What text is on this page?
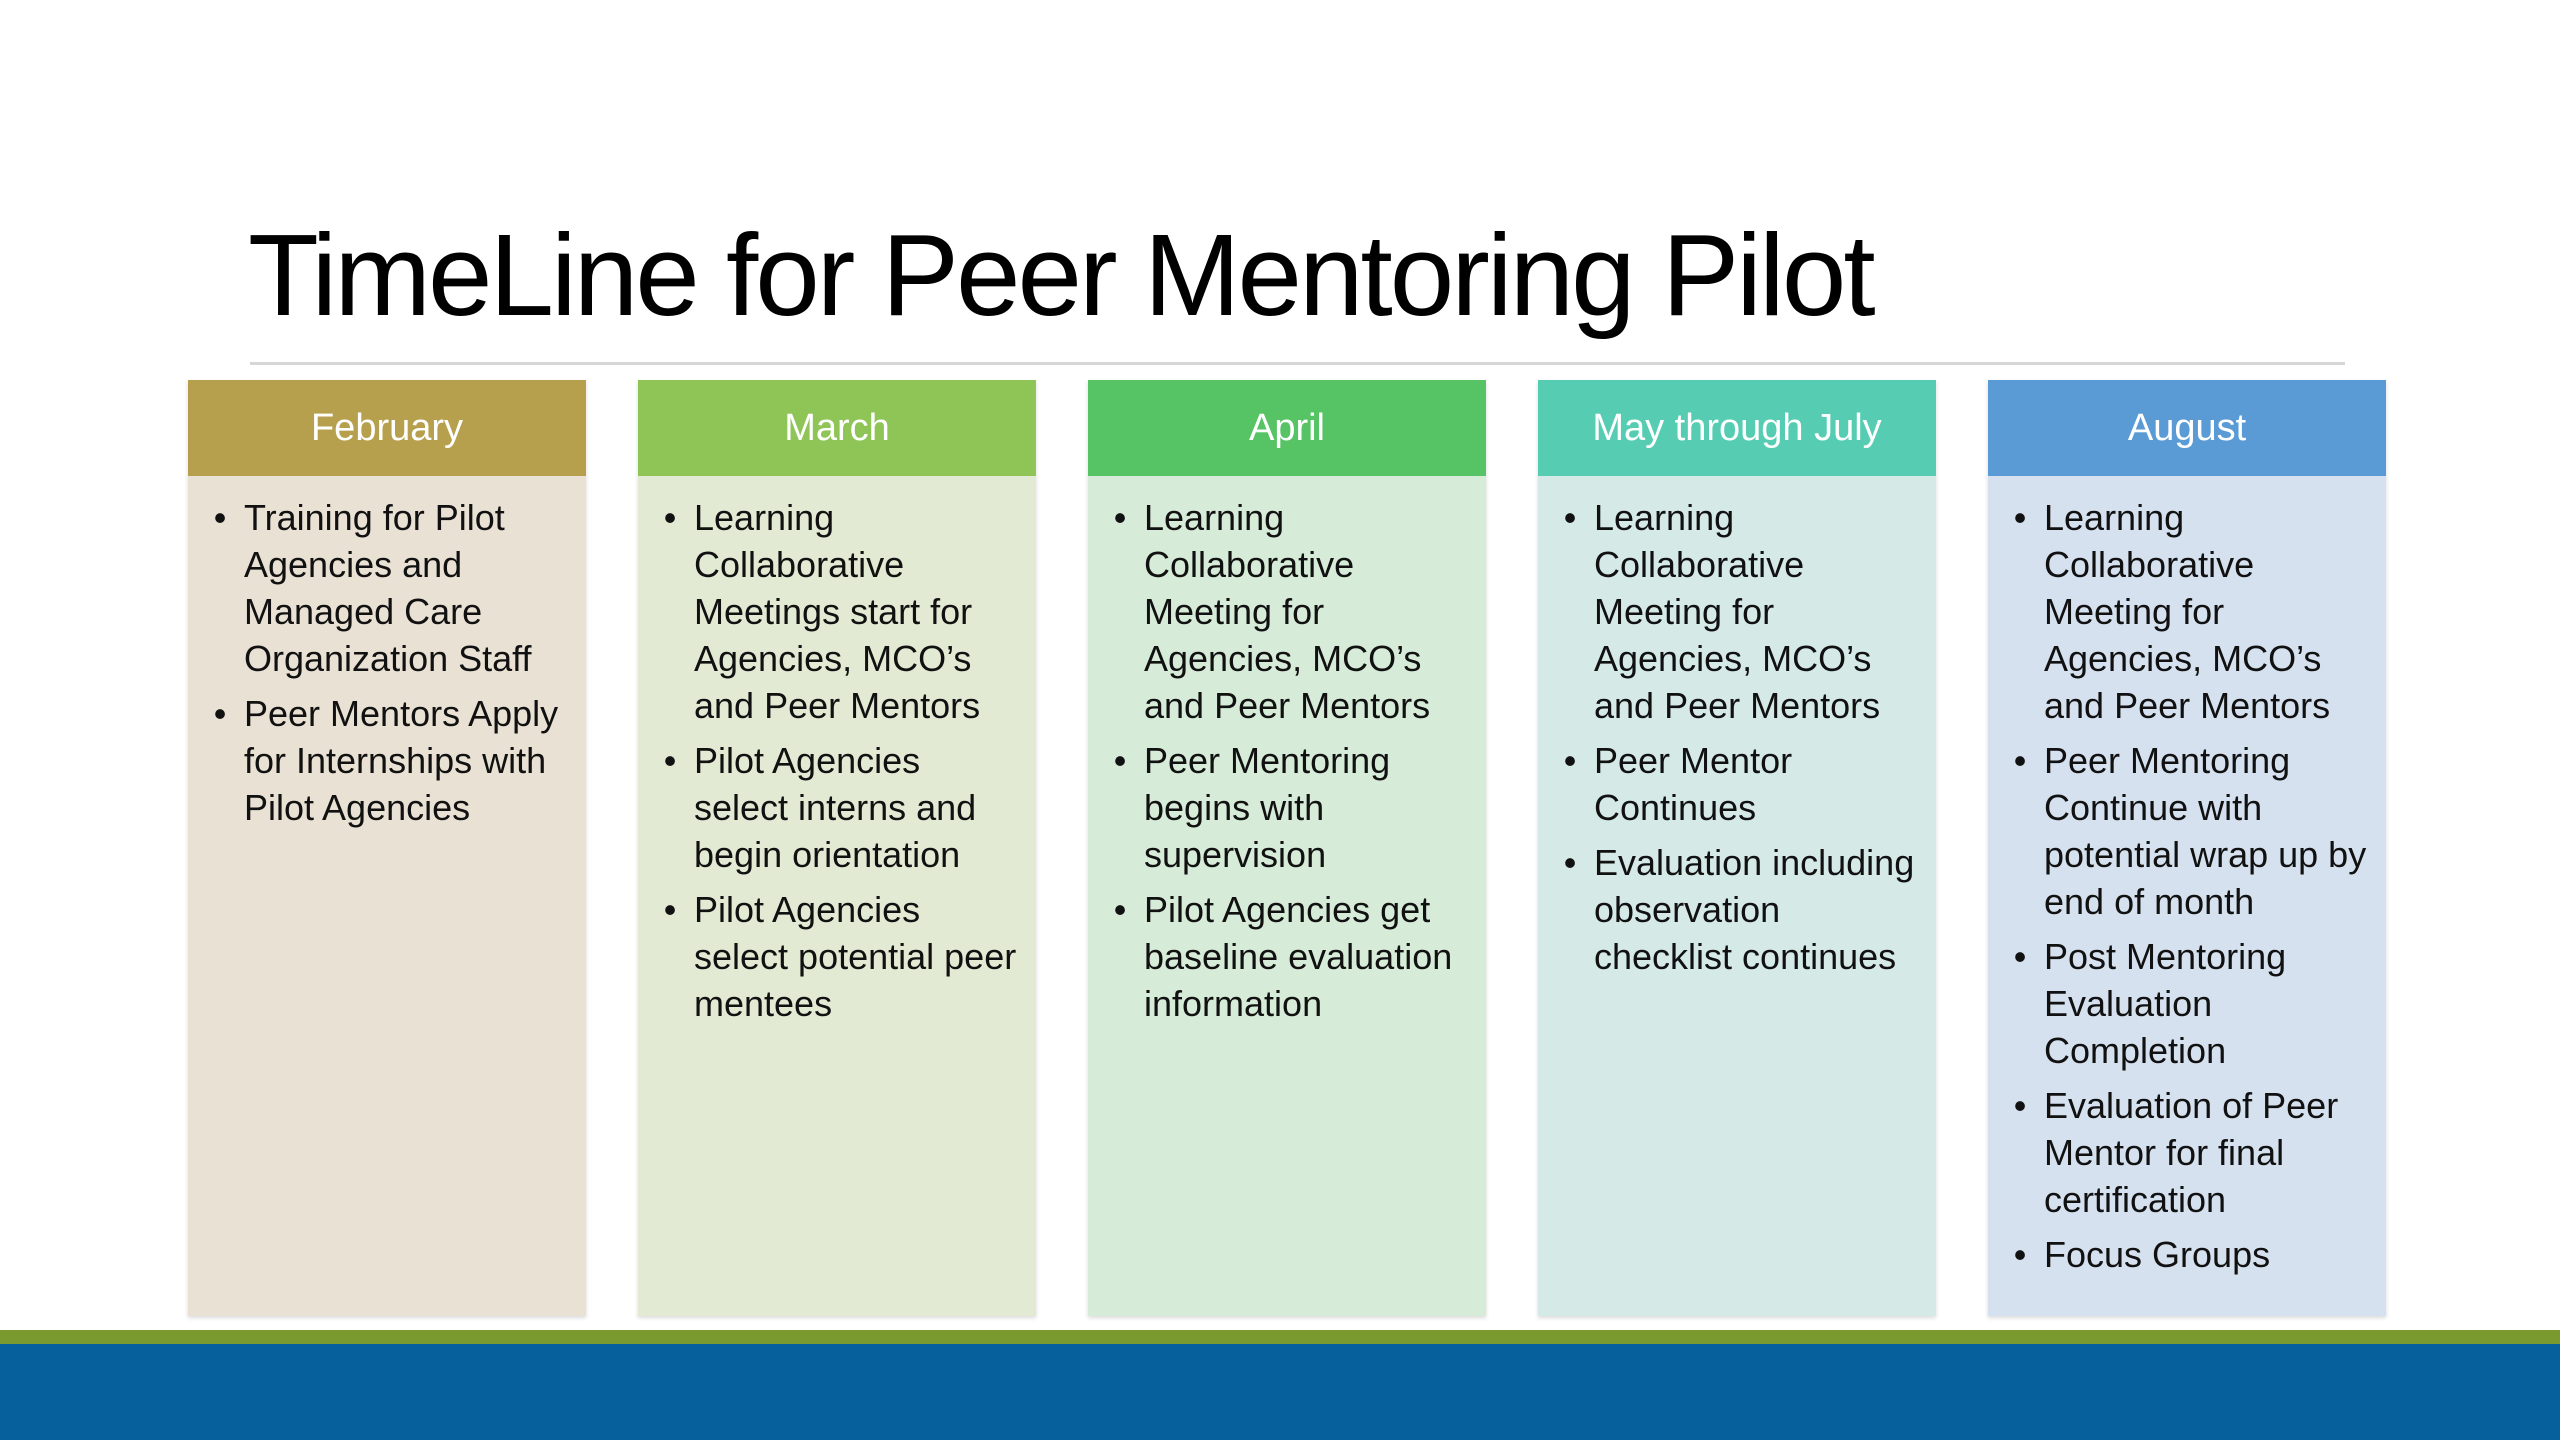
TimeLine for Peer Mentoring Pilot
February
• Training for Pilot Agencies and Managed Care Organization Staff
• Peer Mentors Apply for Internships with Pilot Agencies
March
• Learning Collaborative Meetings start for Agencies, MCO’s and Peer Mentors
• Pilot Agencies select interns and begin orientation
• Pilot Agencies select potential peer mentees
April
• Learning Collaborative Meeting for Agencies, MCO’s and Peer Mentors
• Peer Mentoring begins with supervision
• Pilot Agencies get baseline evaluation information
May through July
• Learning Collaborative Meeting for Agencies, MCO’s and Peer Mentors
• Peer Mentor Continues
• Evaluation including observation checklist continues
August
• Learning Collaborative Meeting for Agencies, MCO’s and Peer Mentors
• Peer Mentoring Continue with potential wrap up by end of month
• Post Mentoring Evaluation Completion
• Evaluation of Peer Mentor for final certification
• Focus Groups
